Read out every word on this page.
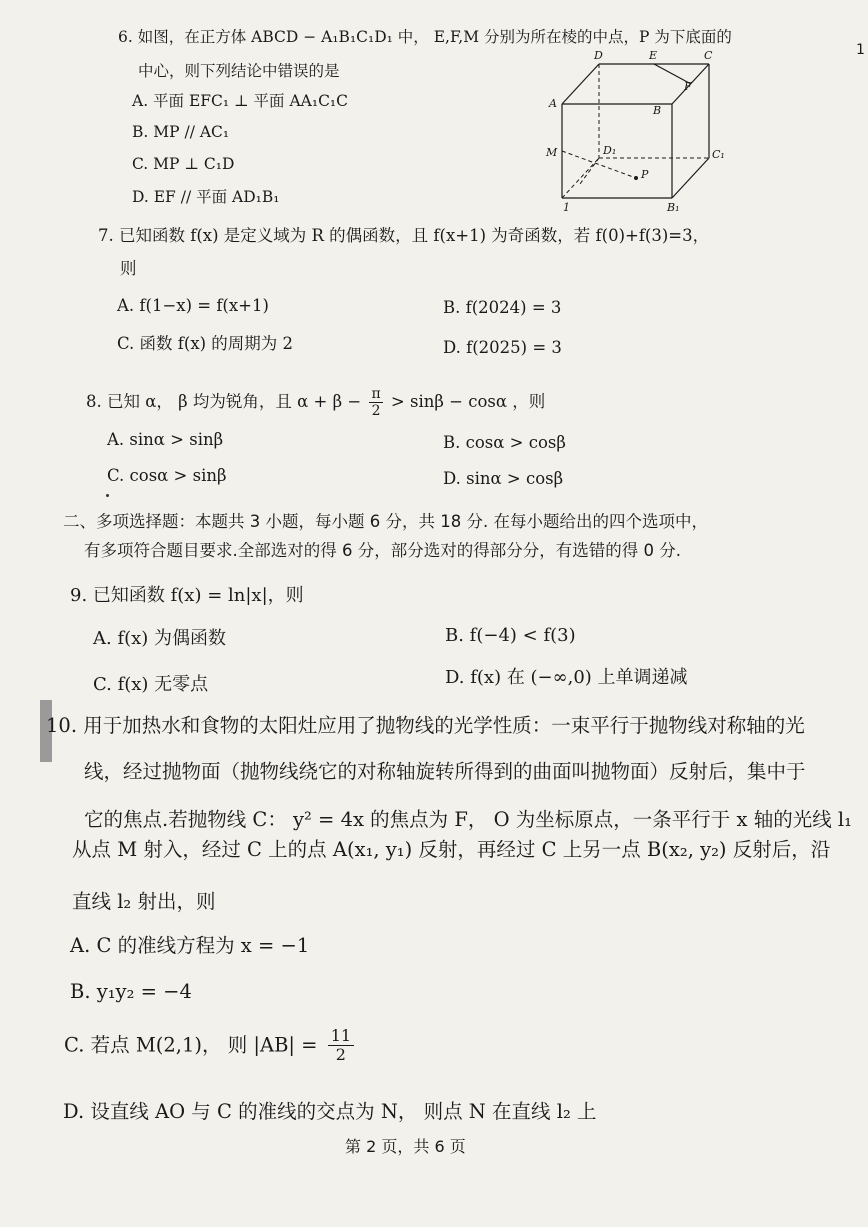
1
6. 如图，在正方体 ABCD − A₁B₁C₁D₁ 中， E,F,M 分别为所在棱的中点，P 为下底面的
中心，则下列结论中错误的是
A. 平面 EFC₁ ⊥ 平面 AA₁C₁C
B. MP // AC₁
C. MP ⊥ C₁D
D. EF // 平面 AD₁B₁
D	E	C
F
A
B
M	D₁	C₁
P
B₁
1
7. 已知函数 f(x) 是定义域为 R 的偶函数，且 f(x+1) 为奇函数，若 f(0)+f(3)=3，
则
A. f(1−x) = f(x+1)	B. f(2024) = 3
C. 函数 f(x) 的周期为 2	D. f(2025) = 3
8. 已知 α， β 均为锐角，且 $\alpha + \beta - \frac{\pi}{2} > \sin\beta - \cos\alpha$ ，则
A. sinα > sinβ	B. cosα > cosβ
C. cosα > sinβ	D. sinα > cosβ
二、多项选择题：本题共 3 小题，每小题 6 分，共 18 分. 在每小题给出的四个选项中，
有多项符合题目要求.全部选对的得 6 分，部分选对的得部分分，有选错的得 0 分.
9. 已知函数 f(x) = ln|x|，则
A. f(x) 为偶函数	B. f(−4) < f(3)
C. f(x) 无零点	D. f(x) 在 (−∞,0) 上单调递减
10. 用于加热水和食物的太阳灶应用了抛物线的光学性质：一束平行于抛物线对称轴的光
线，经过抛物面（抛物线绕它的对称轴旋转所得到的曲面叫抛物面）反射后，集中于
它的焦点.若抛物线 C： y² = 4x 的焦点为 F， O 为坐标原点，一条平行于 x 轴的光线 l₁
从点 M 射入，经过 C 上的点 A(x₁, y₁) 反射，再经过 C 上另一点 B(x₂, y₂) 反射后，沿
直线 l₂ 射出，则
A. C 的准线方程为 x = −1
B. y₁y₂ = −4
C. 若点 M(2,1)， 则 $|AB| = \frac{11}{2}$
D. 设直线 AO 与 C 的准线的交点为 N， 则点 N 在直线 l₂ 上
第 2 页，共 6 页
